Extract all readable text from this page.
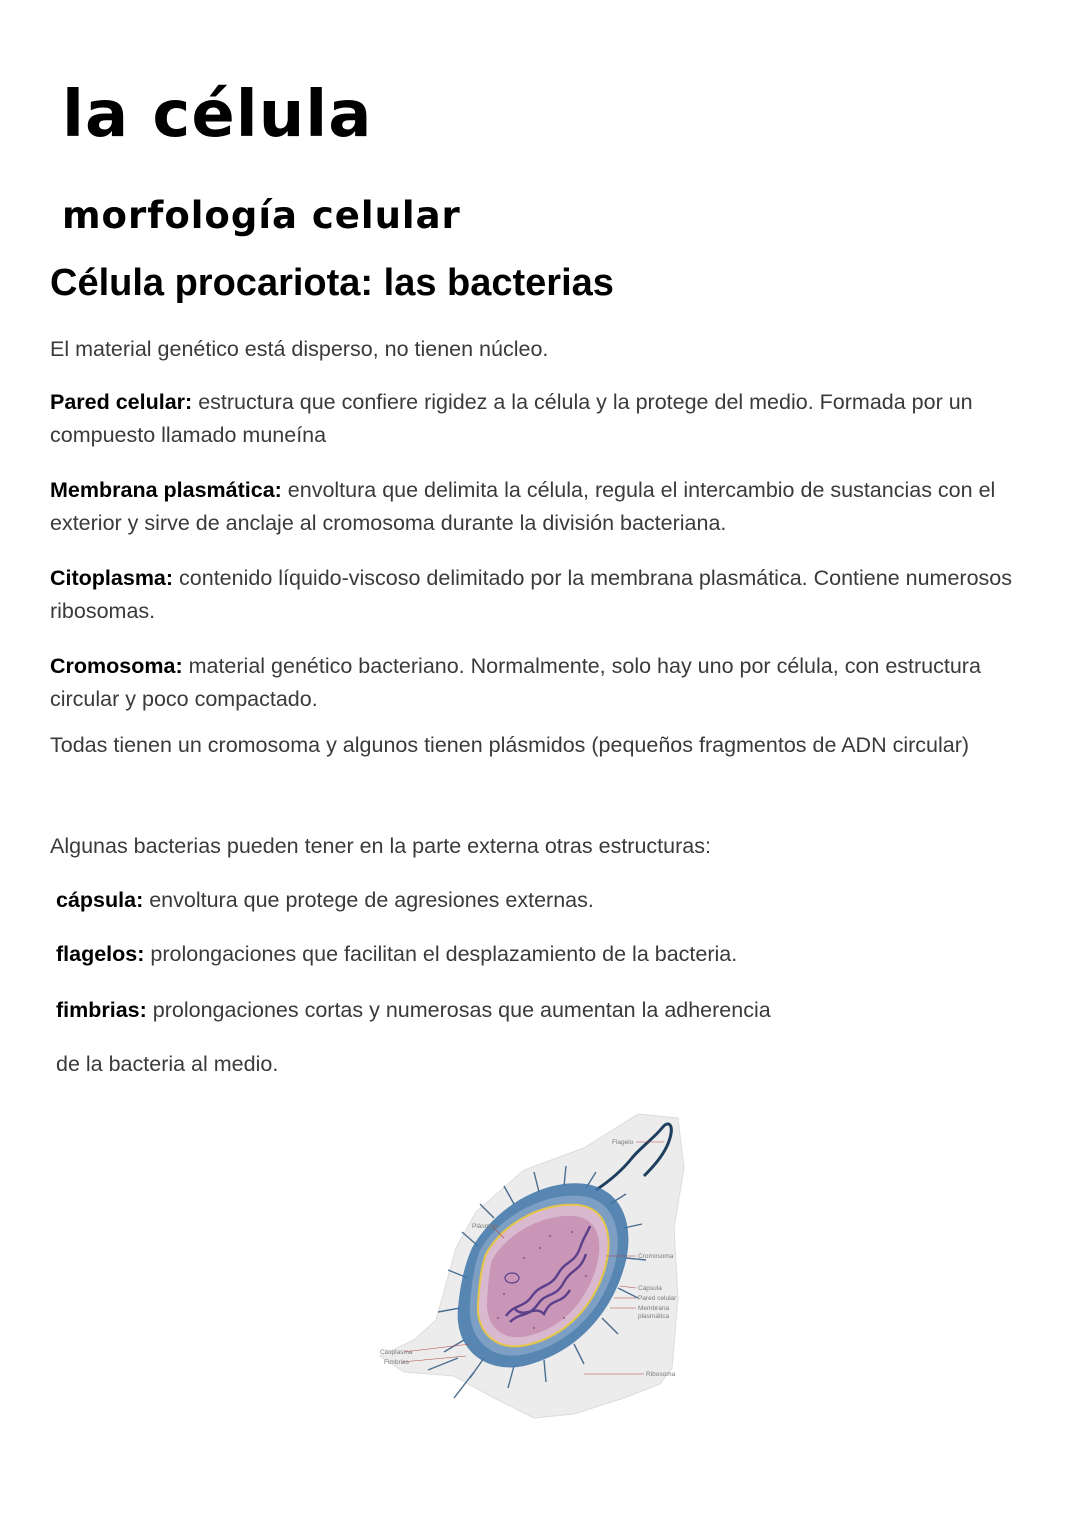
la célula
morfología celular
Célula procariota: las bacterias

El material genético está disperso, no tienen núcleo.

Pared celular: estructura que confiere rigidez a la célula y la protege del medio. Formada por un compuesto llamado muneína

Membrana plasmática: envoltura que delimita la célula, regula el intercambio de sustancias con el exterior y sirve de anclaje al cromosoma durante la división bacteriana.

Citoplasma: contenido líquido-viscoso delimitado por la membrana plasmática. Contiene numerosos ribosomas.

Cromosoma: material genético bacteriano. Normalmente, solo hay uno por célula, con estructura circular y poco compactado.

Todas tienen un cromosoma y algunos tienen plásmidos (pequeños fragmentos de ADN circular)

Algunas bacterias pueden tener en la parte externa otras estructuras:

cápsula: envoltura que protege de agresiones externas.

flagelos: prolongaciones que facilitan el desplazamiento de la bacteria.

fimbrias: prolongaciones cortas y numerosas que aumentan la adherencia

de la bacteria al medio.

Flagelo
Plásmido
Cromosoma
Cápsula
Pared celular
Membrana
plasmática
Citoplasma
Fimbrias
Ribosoma
